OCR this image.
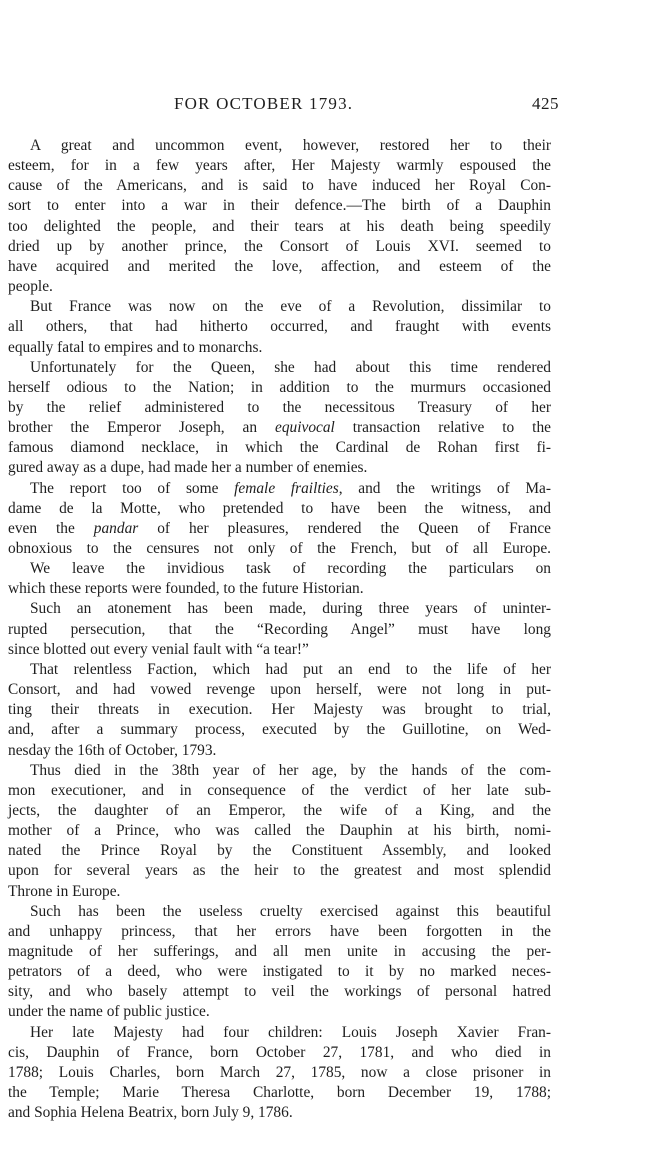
FOR OCTOBER 1793.	425
A great and uncommon event, however, restored her to their
esteem, for in a few years after, Her Majesty warmly espoused the
cause of the Americans, and is said to have induced her Royal Con-
sort to enter into a war in their defence.—The birth of a Dauphin
too delighted the people, and their tears at his death being speedily
dried up by another prince, the Consort of Louis XVI. seemed to
have acquired and merited the love, affection, and esteem of the
people.
But France was now on the eve of a Revolution, dissimilar to
all others, that had hitherto occurred, and fraught with events
equally fatal to empires and to monarchs.
Unfortunately for the Queen, she had about this time rendered
herself odious to the Nation; in addition to the murmurs occasioned
by the relief administered to the necessitous Treasury of her
brother the Emperor Joseph, an equivocal transaction relative to the
famous diamond necklace, in which the Cardinal de Rohan first fi-
gured away as a dupe, had made her a number of enemies.
The report too of some female frailties, and the writings of Ma-
dame de la Motte, who pretended to have been the witness, and
even the pandar of her pleasures, rendered the Queen of France
obnoxious to the censures not only of the French, but of all Europe.
We leave the invidious task of recording the particulars on
which these reports were founded, to the future Historian.
Such an atonement has been made, during three years of uninter-
rupted persecution, that the “Recording Angel” must have long
since blotted out every venial fault with “a tear!”
That relentless Faction, which had put an end to the life of her
Consort, and had vowed revenge upon herself, were not long in put-
ting their threats in execution. Her Majesty was brought to trial,
and, after a summary process, executed by the Guillotine, on Wed-
nesday the 16th of October, 1793.
Thus died in the 38th year of her age, by the hands of the com-
mon executioner, and in consequence of the verdict of her late sub-
jects, the daughter of an Emperor, the wife of a King, and the
mother of a Prince, who was called the Dauphin at his birth, nomi-
nated the Prince Royal by the Constituent Assembly, and looked
upon for several years as the heir to the greatest and most splendid
Throne in Europe.
Such has been the useless cruelty exercised against this beautiful
and unhappy princess, that her errors have been forgotten in the
magnitude of her sufferings, and all men unite in accusing the per-
petrators of a deed, who were instigated to it by no marked neces-
sity, and who basely attempt to veil the workings of personal hatred
under the name of public justice.
Her late Majesty had four children: Louis Joseph Xavier Fran-
cis, Dauphin of France, born October 27, 1781, and who died in
1788; Louis Charles, born March 27, 1785, now a close prisoner in
the Temple; Marie Theresa Charlotte, born December 19, 1788;
and Sophia Helena Beatrix, born July 9, 1786.
